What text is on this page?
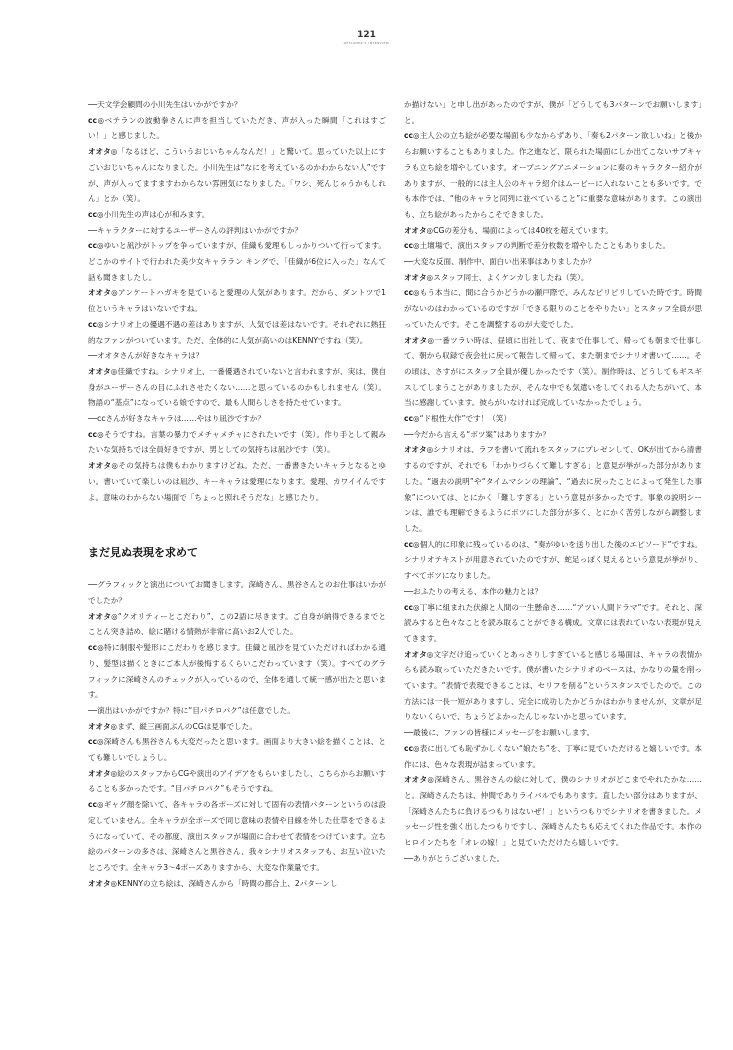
121
DESIGNER'S INTERVIEW

──天文学会顧問の小川先生はいかがですか？

cc◎ベテランの波動拳さんに声を担当していただき、声が入った瞬間「これはすごい！」と感じました。

オオタ◎「なるほど、こういうおじいちゃんなんだ！」と驚いて。思っていた以上にすごいおじいちゃんになりました。小川先生は“なにを考えているのかわからない人”ですが、声が入ってますますわからない雰囲気になりました。「ワシ、死んじゃうかもしれん」とか（笑）。

cc◎小川先生の声は心が和みます。

──キャラクターに対するユーザーさんの評判はいかがですか？

cc◎ゆいと凪沙がトップを争っていますが、佳織も愛理もしっかりついて行ってます。どこかのサイトで行われた美少女キャララン キングで、「佳織が6位に入った」なんて話も聞きましたし。

オオタ◎アンケートハガキを見ていると愛理の人気があります。だから、ダントツで1位というキャラはいないですね。

cc◎シナリオ上の優遇不遇の差はありますが、人気では差はないです。それぞれに熱狂的なファンがついています。ただ、全体的に人気が高いのはKENNYですね（笑）。

──オオタさんが好きなキャラは？

オオタ◎佳織ですね。シナリオ上、一番優遇されていないと言われますが、実は、僕自身がユーザーさんの目にふれさせたくない……と思っているのかもしれません（笑）。物語の“基点”になっている娘ですので、最も人間らしさを持たせています。

──ccさんが好きなキャラは……やはり凪沙ですか？

cc◎そうですね。言葉の暴力でメチャメチャにされたいです（笑）。作り手として親みたいな気持ちでは全員好きですが、男としての気持ちは凪沙です（笑）。

オオタ◎その気持ちは僕もわかりますけどね。ただ、一番書きたいキャラとなるとゆい。書いていて楽しいのは凪沙、キーキャラは愛理になります。愛理、カワイイんですよ。意味のわからない場面で「ちょっと照れそうだな」と感じたり。

まだ見ぬ表現を求めて

──グラフィックと演出についてお聞きします。深崎さん、黒谷さんとのお仕事はいかがでしたか？

オオタ◎“クオリティーとこだわり”、この2語に尽きます。ご自身が納得できるまでとことん突き詰め、絵に賭ける情熱が非常に高いお2人でした。

cc◎特に制服や髪形にこだわりを感じます。佳織と凪沙を見ていただければわかる通り、髪型は描くときにご本人が後悔するくらいこだわっています（笑）。すべてのグラフィックに深崎さんのチェックが入っているので、全体を通して統一感が出たと思います。

──演出はいかがですか？特に“目パチロパク”は任意でした。

オオタ◎まず、縦三画面ぶんのCGは見事でした。

cc◎深崎さんも黒谷さんも大変だったと思います。画面より大きい絵を描くことは、とても難しいでしょうし。

オオタ◎絵のスタッフからCGや演出のアイデアをもらいましたし、こちらからお願いすることも多かったです。“目パチロパク”もそうですね。

cc◎ギャグ顔を除いて、各キャラの各ポーズに対して固有の表情パターンというのは設定していません。全キャラが全ポーズで同じ意味の表情や目線を外した仕草をできるようになっていて、その都度、演出スタッフが場面に合わせて表情をつけています。立ち絵のパターンの多さは、深崎さんと黒谷さん、我々シナリオスタッフも、お互い泣いたところです。全キャラ3～4ポーズありますから、大変な作業量です。

オオタ◎KENNYの立ち絵は、深崎さんから「時間の都合上、2パターンし

か描けない」と申し出があったのですが、僕が「どうしても3パターンでお願いします」と。

cc◎主人公の立ち絵が必要な場面も少なからずあり、「奏も2パターン欲しいね」と後からお願いすることもありました。作之進など、限られた場面にしか出てこないサブキャラも立ち絵を増やしています。オープニングアニメーションに奏のキャラクター紹介がありますが、一般的には主人公のキャラ紹介はムービーに入れないことも多いです。でも本作では、“他のキャラと同列に並べていること”に重要な意味があります。この演出も、立ち絵があったからこそできました。

オオタ◎CGの差分も、場面によっては40枚を超えています。

cc◎土壇場で、演出スタッフの判断で差分枚数を増やしたこともありました。

──大変な反面、制作中、面白い出来事はありましたか？

オオタ◎スタッフ同士、よくケンカしましたね（笑）。

cc◎もう本当に、間に合うかどうかの瀬戸際で、みんなピリピリしていた時です。時間がないのはわかっているのですが「できる限りのことをやりたい」とスタッフ全員が思っていたんです。そこを調整するのが大変でした。

オオタ◎一番ツラい時は、昼頃に出社して、夜まで仕事して、帰っても朝まで仕事して、朝から収録で夜会社に戻って報告して帰って、また朝までシナリオ書いて……。その頃は、さすがにスタッフ全員が優しかったです（笑）。制作時は、どうしてもギスギスしてしまうことがありましたが、そんな中でも気遣いをしてくれる人たちがいて、本当に感謝しています。彼らがいなければ完成していなかったでしょう。

cc◎“ド根性大作”です！（笑）

──今だから言える“ボツ案”はありますか？

オオタ◎シナリオは、ラフを書いて流れをスタッフにプレゼンして、OKが出てから清書するのですが、それでも「わかりづらくて難しすぎる」と意見が挙がった部分がありました。“過去の説明”や“タイムマシンの理論”、“過去に戻ったことによって発生した事象”については、とにかく「難しすぎる」という意見が多かったです。事象の説明シーンは、誰でも理解できるようにボツにした部分が多く、とにかく苦労しながら調整しました。

cc◎個人的に印象に残っているのは、“奏がゆいを送り出した後のエピソード”ですね。シナリオテキストが用意されていたのですが、蛇足っぽく見えるという意見が挙がり、すべてボツになりました。

──おふたりの考える、本作の魅力とは？

cc◎丁寧に組まれた伏線と人間の一生懸命さ……“アツい人間ドラマ”です。それと、深読みすると色々なことを読み取ることができる構成。文章には表れていない表現が見えてきます。

オオタ◎文字だけ追っていくとあっさりしすぎていると感じる場面は、キャラの表情からも読み取っていただきたいです。僕が書いたシナリオのベースは、かなりの量を削っています。“表情で表現できることは、セリフを削る”というスタンスでしたので。この方法には一長一短がありますし、完全に成功したかどうかはわかりませんが、文章が足りないくらいで、ちょうどよかったんじゃないかと思っています。

──最後に、ファンの皆様にメッセージをお願いします。

cc◎表に出しても恥ずかしくない“娘たち”を、丁寧に見ていただけると嬉しいです。本作には、色々な表現が詰まっています。

オオタ◎深崎さん、黒谷さんの絵に対して、僕のシナリオがどこまでやれたかな……と。深崎さんたちは、仲間でありライバルでもあります。直したい部分はありますが、「深崎さんたちに負けるつもりはないぜ！」というつもりでシナリオを書きました。メッセージ性を強く出したつもりですし、深崎さんたちも応えてくれた作品です。本作のヒロインたちを「オレの嫁！」と見ていただけたら嬉しいです。

──ありがとうございました。
